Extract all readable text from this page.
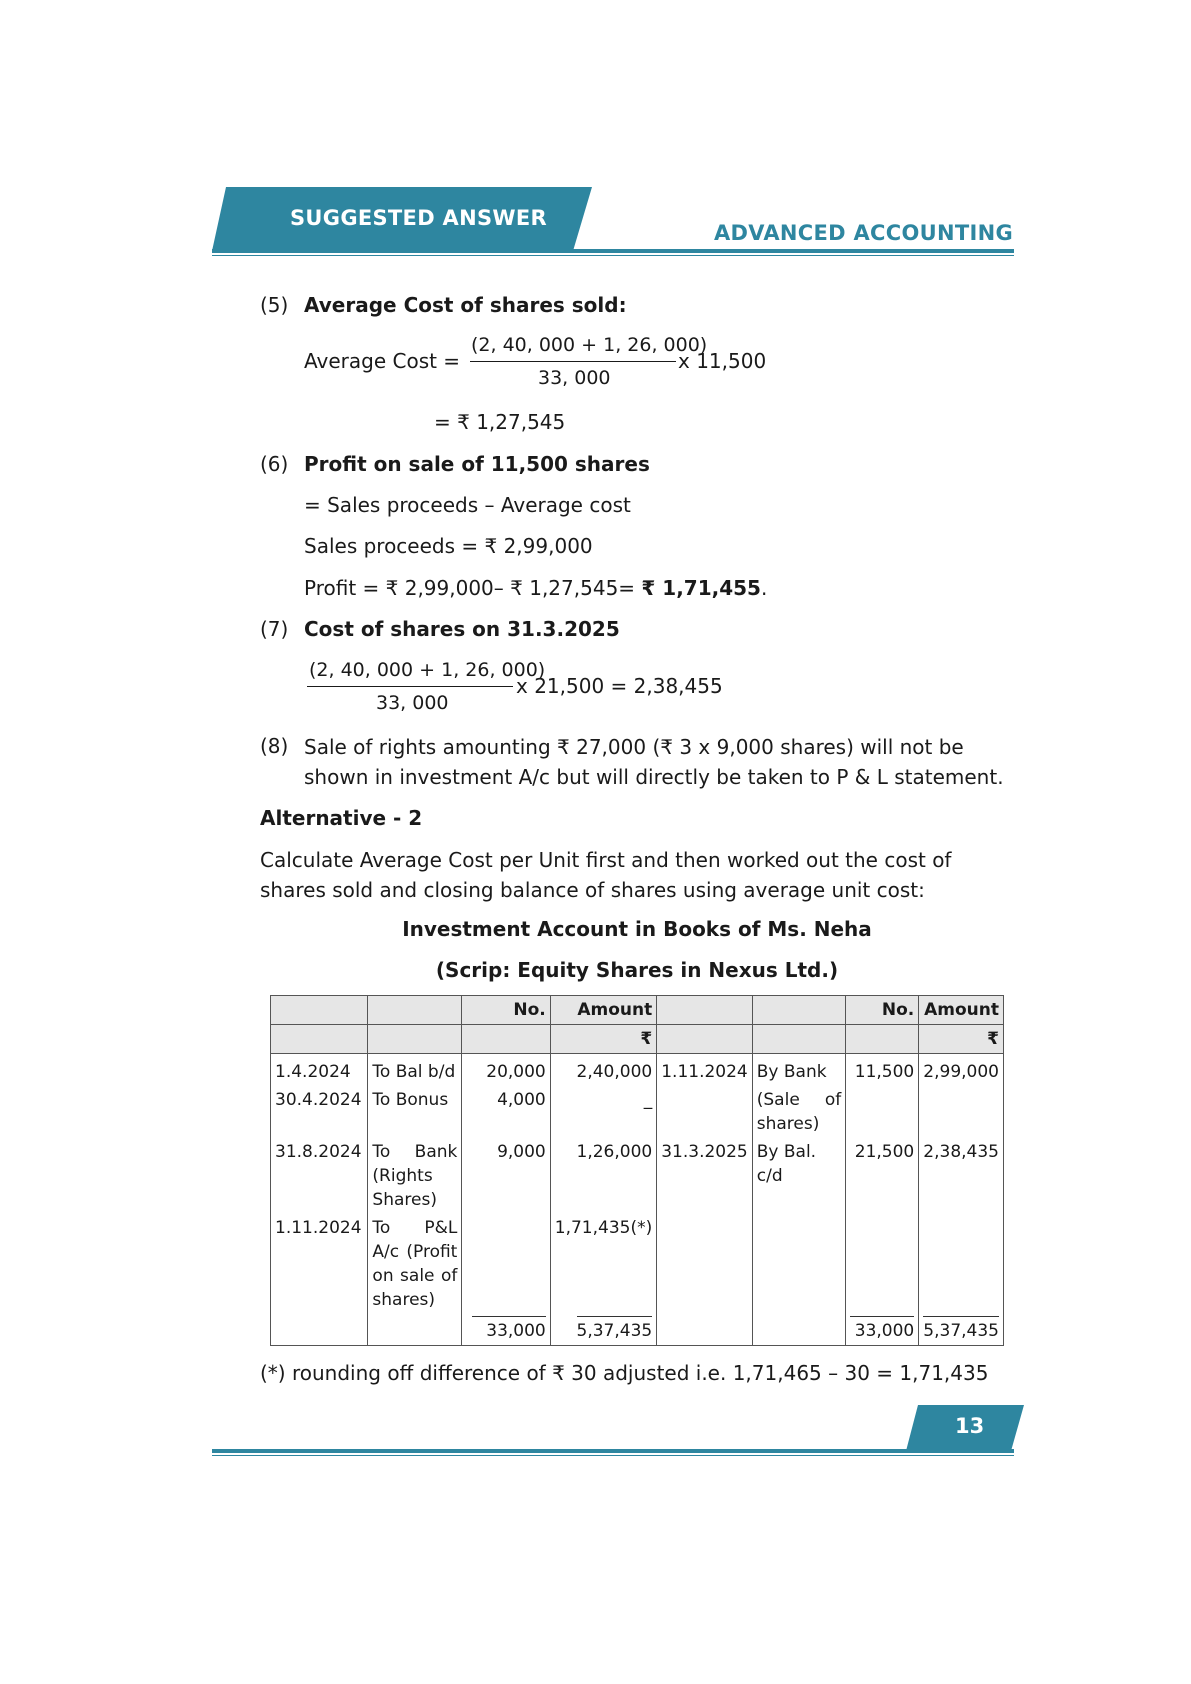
SUGGESTED ANSWER
ADVANCED ACCOUNTING
(5) Average Cost of shares sold:
Average Cost =
(2, 40, 000 + 1, 26, 000)
33, 000
x 11,500
= ₹ 1,27,545
(6) Profit on sale of 11,500 shares
= Sales proceeds – Average cost
Sales proceeds = ₹ 2,99,000
Profit = ₹ 2,99,000– ₹ 1,27,545= ₹ 1,71,455.
(7) Cost of shares on 31.3.2025
(2, 40, 000 + 1, 26, 000)
33, 000
x 21,500 = 2,38,455
(8) Sale of rights amounting ₹ 27,000 (₹ 3 x 9,000 shares) will not be shown in investment A/c but will directly be taken to P & L statement.
Alternative - 2
Calculate Average Cost per Unit first and then worked out the cost of shares sold and closing balance of shares using average unit cost:
Investment Account in Books of Ms. Neha
(Scrip: Equity Shares in Nexus Ltd.)
		No.	Amount			No.	Amount
			₹				₹
1.4.2024	To Bal b/d	20,000	2,40,000	1.11.2024	By Bank	11,500	2,99,000
30.4.2024	To Bonus	4,000	_		(Sale of shares)		
31.8.2024	To Bank (Rights Shares)	9,000	1,26,000	31.3.2025	By Bal. c/d	21,500	2,38,435
1.11.2024	To P&L A/c (Profit on sale of shares)		1,71,435(*)				
		33,000	5,37,435			33,000	5,37,435
(*) rounding off difference of ₹ 30 adjusted i.e. 1,71,465 – 30 = 1,71,435
13
